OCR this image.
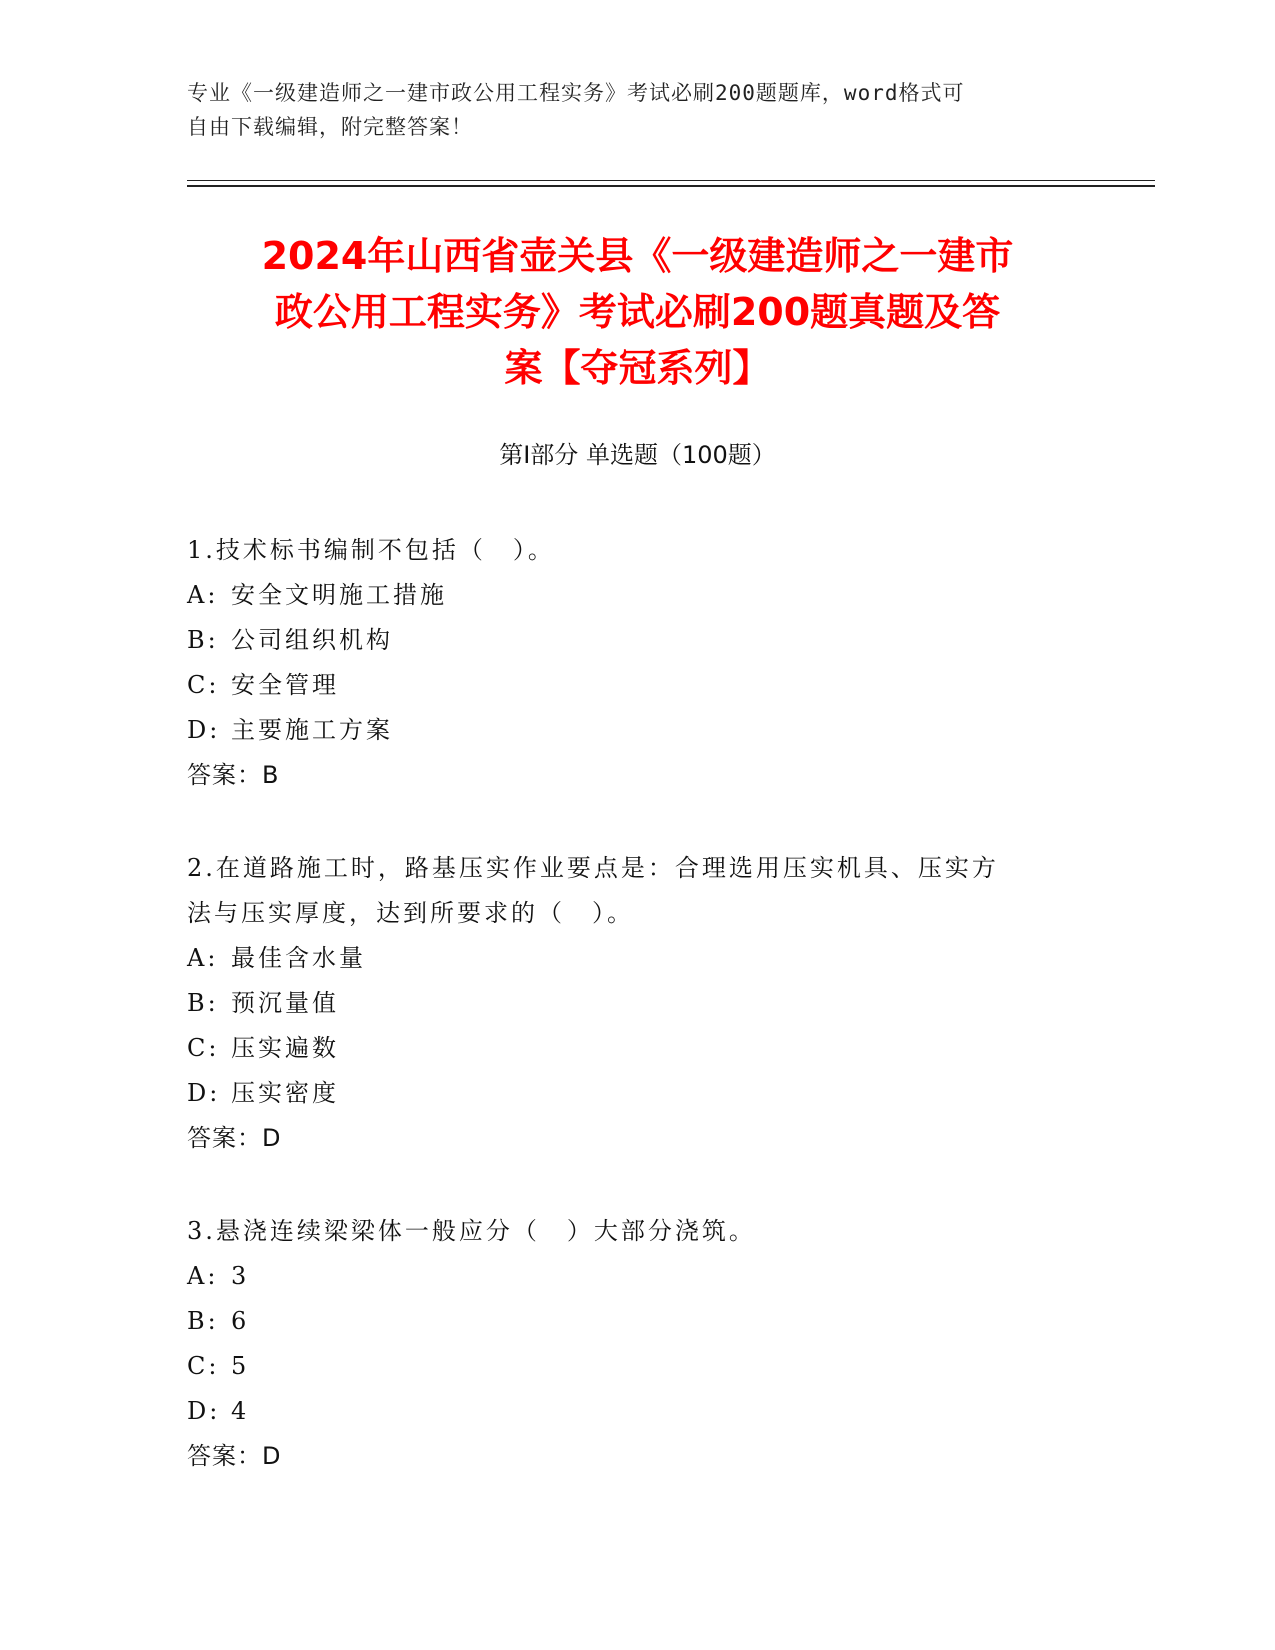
专业《一级建造师之一建市政公用工程实务》考试必刷200题题库，word格式可
自由下载编辑，附完整答案！
2024年山西省壶关县《一级建造师之一建市
政公用工程实务》考试必刷200题真题及答
案【夺冠系列】
第Ⅰ部分 单选题（100题）
1.技术标书编制不包括（　）。
A: 安全文明施工措施
B: 公司组织机构
C: 安全管理
D: 主要施工方案
答案：B
2.在道路施工时，路基压实作业要点是：合理选用压实机具、压实方
法与压实厚度，达到所要求的（　）。
A: 最佳含水量
B: 预沉量值
C: 压实遍数
D: 压实密度
答案：D
3.悬浇连续梁梁体一般应分（　）大部分浇筑。
A: 3
B: 6
C: 5
D: 4
答案：D
